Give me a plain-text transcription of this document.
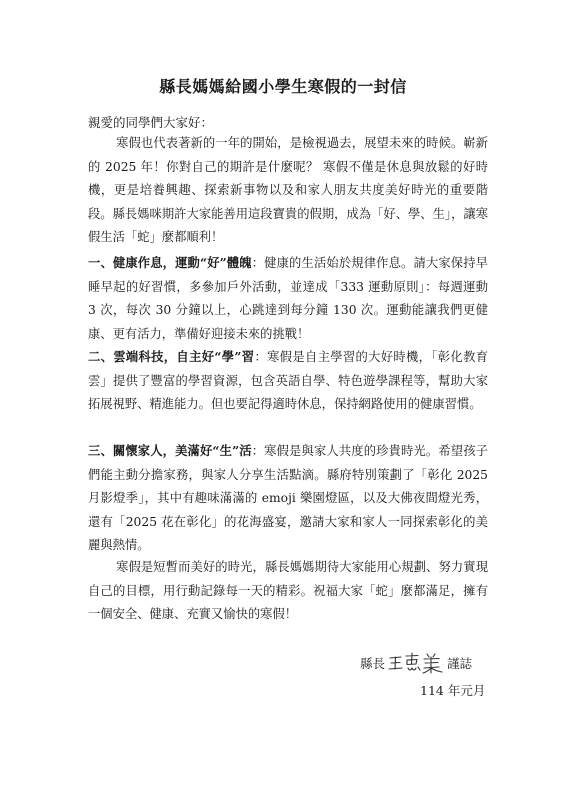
縣長媽媽給國小學生寒假的一封信
親愛的同學們大家好：

寒假也代表著新的一年的開始，是檢視過去，展望未來的時候。嶄新的 2025 年！你對自己的期許是什麼呢？ 寒假不僅是休息與放鬆的好時機，更是培養興趣、探索新事物以及和家人朋友共度美好時光的重要階段。縣長媽咪期許大家能善用這段寶貴的假期，成為「好、學、生」，讓寒假生活「蛇」麼都順利！

一、健康作息，運動“好”體魄：健康的生活始於規律作息。請大家保持早睡早起的好習慣，多參加戶外活動，並達成「333 運動原則」：每週運動 3 次，每次 30 分鐘以上，心跳達到每分鐘 130 次。運動能讓我們更健康、更有活力，準備好迎接未來的挑戰！

二、雲端科技，自主好“學”習：寒假是自主學習的大好時機，「彰化教育雲」提供了豐富的學習資源，包含英語自學、特色遊學課程等，幫助大家拓展視野、精進能力。但也要記得適時休息，保持網路使用的健康習慣。

三、關懷家人，美滿好“生”活：寒假是與家人共度的珍貴時光。希望孩子們能主動分擔家務，與家人分享生活點滴。縣府特別策劃了「彰化 2025 月影燈季」，其中有趣味滿滿的 emoji 樂園燈區，以及大佛夜間燈光秀，還有「2025 花在彰化」的花海盛宴，邀請大家和家人一同探索彰化的美麗與熱情。

寒假是短暫而美好的時光，縣長媽媽期待大家能用心規劃、努力實現自己的目標，用行動記錄每一天的精彩。祝福大家「蛇」麼都滿足，擁有一個安全、健康、充實又愉快的寒假！

縣長	謹誌
114 年元月
